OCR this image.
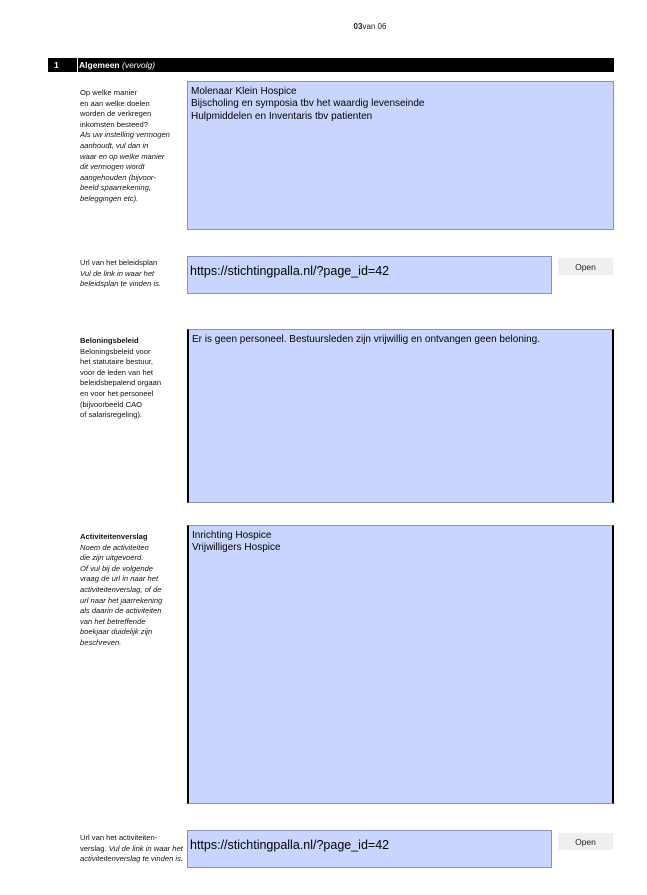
03van 06
1 Algemeen (vervolg)
Op welke manier
en aan welke doelen
worden de verkregen
inkomsten besteed?
Als uw instelling vermogen
aanhoudt, vul dan in
waar en op welke manier
dit vermogen wordt
aangehouden (bijvoor-
beeld spaarrekening,
beleggingen etc).
Molenaar Klein Hospice
Bijscholing en symposia tbv het waardig levenseinde
Hulpmiddelen en Inventaris tbv patienten
Url van het beleidsplan
Vul de link in waar het
beleidsplan te vinden is.
https://stichtingpalla.nl/?page_id=42	Open
Beloningsbeleid
Beloningsbeleid voor
het statutaire bestuur,
voor de leden van het
beleidsbepalend orgaan
en voor het personeel
(bijvoorbeeld CAO
of salarisregeling).
Er is geen personeel. Bestuursleden zijn vrijwillig en ontvangen geen beloning.
Activiteitenverslag
Noem de activiteiten
die zijn uitgevoerd.
Of vul bij de volgende
vraag de url in naar het
activiteitenverslag, of de
url naar het jaarrekening
als daarin de activiteiten
van het betreffende
boekjaar duidelijk zijn
beschreven.
Inrichting Hospice
Vrijwilligers Hospice
Url van het activiteiten-
verslag. Vul de link in waar het
activiteitenverslag te vinden is.
https://stichtingpalla.nl/?page_id=42	Open
